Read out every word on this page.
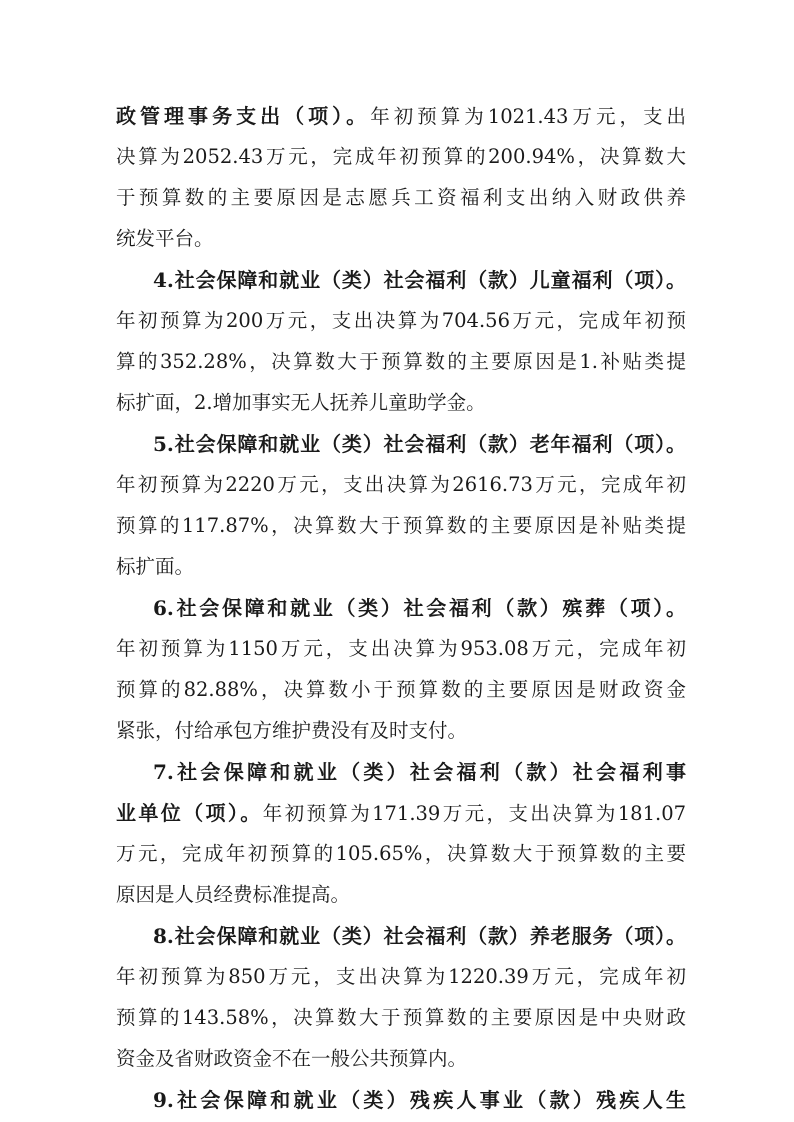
政管理事务支出（项）。年初预算为1021.43万元，支出
决算为2052.43万元，完成年初预算的200.94%，决算数大
于预算数的主要原因是志愿兵工资福利支出纳入财政供养
统发平台。
4.社会保障和就业（类）社会福利（款）儿童福利（项）。
年初预算为200万元，支出决算为704.56万元，完成年初预
算的352.28%，决算数大于预算数的主要原因是1.补贴类提
标扩面，2.增加事实无人抚养儿童助学金。
5.社会保障和就业（类）社会福利（款）老年福利（项）。
年初预算为2220万元，支出决算为2616.73万元，完成年初
预算的117.87%，决算数大于预算数的主要原因是补贴类提
标扩面。
6.社会保障和就业（类）社会福利（款）殡葬（项）。
年初预算为1150万元，支出决算为953.08万元，完成年初
预算的82.88%，决算数小于预算数的主要原因是财政资金
紧张，付给承包方维护费没有及时支付。
7.社会保障和就业（类）社会福利（款）社会福利事
业单位（项）。年初预算为171.39万元，支出决算为181.07
万元，完成年初预算的105.65%，决算数大于预算数的主要
原因是人员经费标准提高。
8.社会保障和就业（类）社会福利（款）养老服务（项）。
年初预算为850万元，支出决算为1220.39万元，完成年初
预算的143.58%，决算数大于预算数的主要原因是中央财政
资金及省财政资金不在一般公共预算内。
9.社会保障和就业（类）残疾人事业（款）残疾人生
